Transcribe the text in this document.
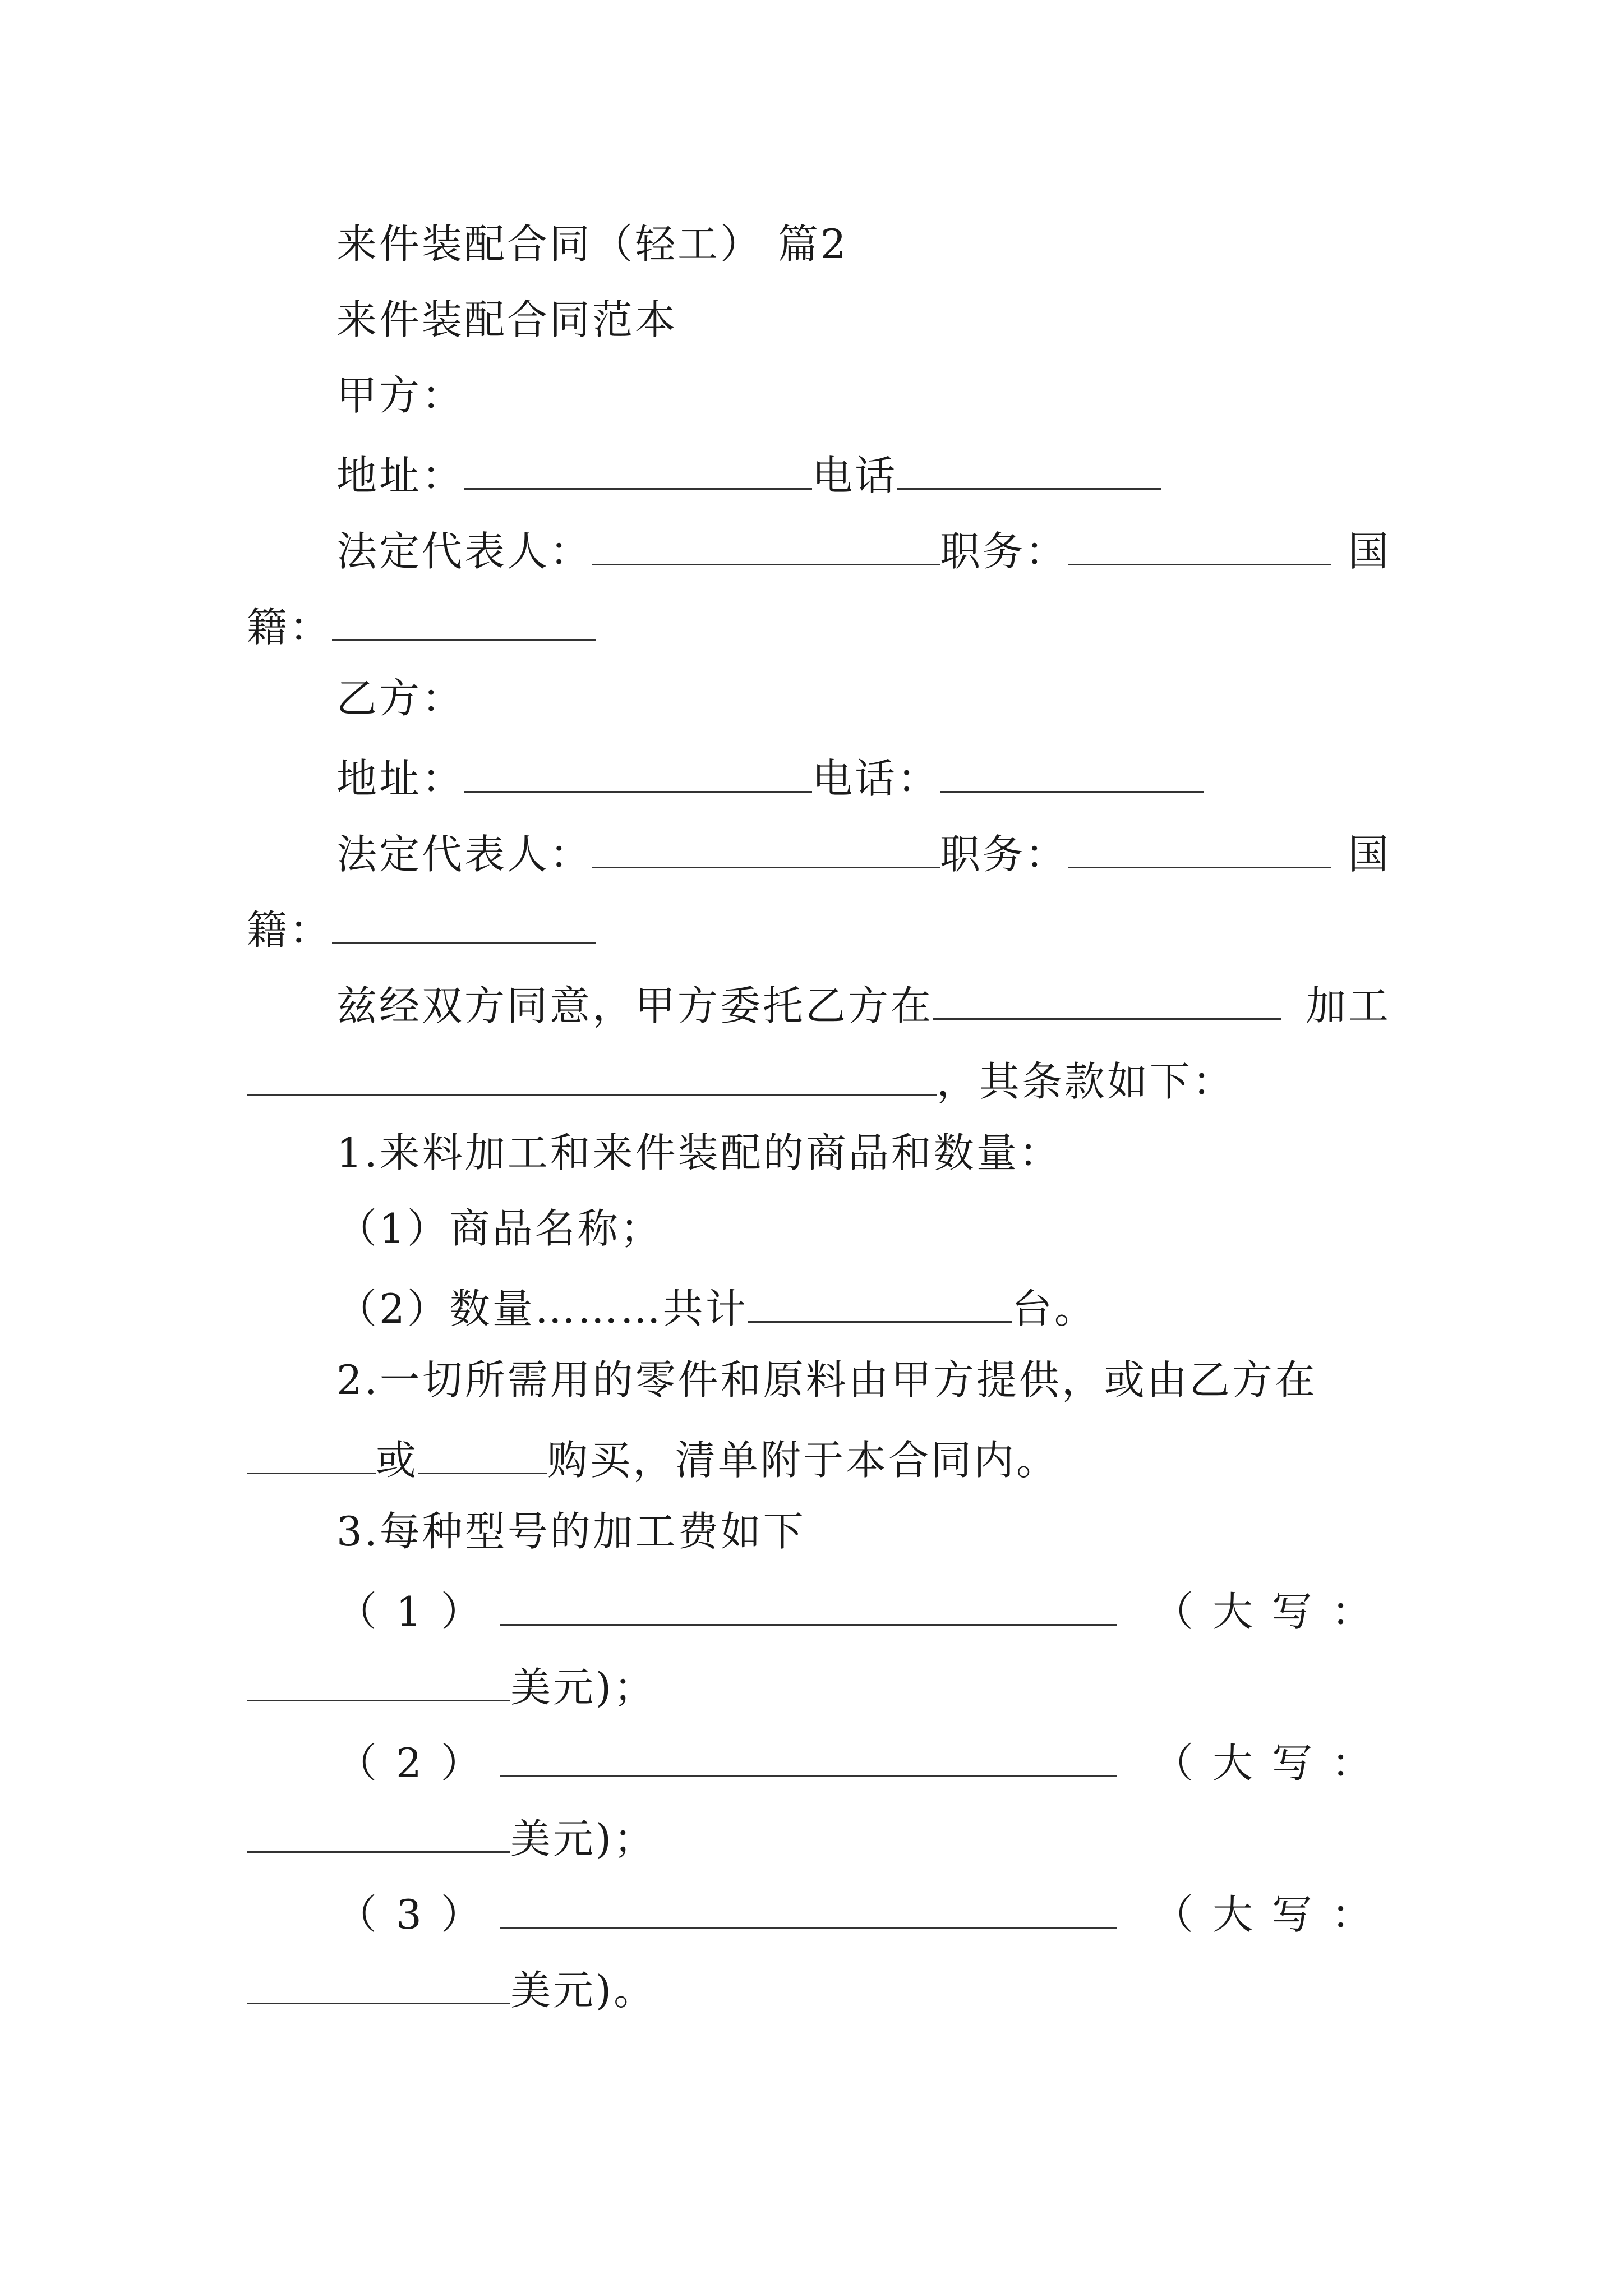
来件装配合同（轻工） 篇2
来件装配合同范本
甲方：
地址：	电话
法定代表人：	职务：	国
籍：
乙方：
地址：	电话：
法定代表人：	职务：	国
籍：
兹经双方同意，甲方委托乙方在	加工
，其条款如下：
1.来料加工和来件装配的商品和数量：
（1）商品名称；
（2）数量………共计	台。
2.一切所需用的零件和原料由甲方提供，或由乙方在
或	购买，清单附于本合同内。
3.每种型号的加工费如下
（1）	（大写：
美元)；
（2）	（大写：
美元)；
（3）	（大写：
美元)。
